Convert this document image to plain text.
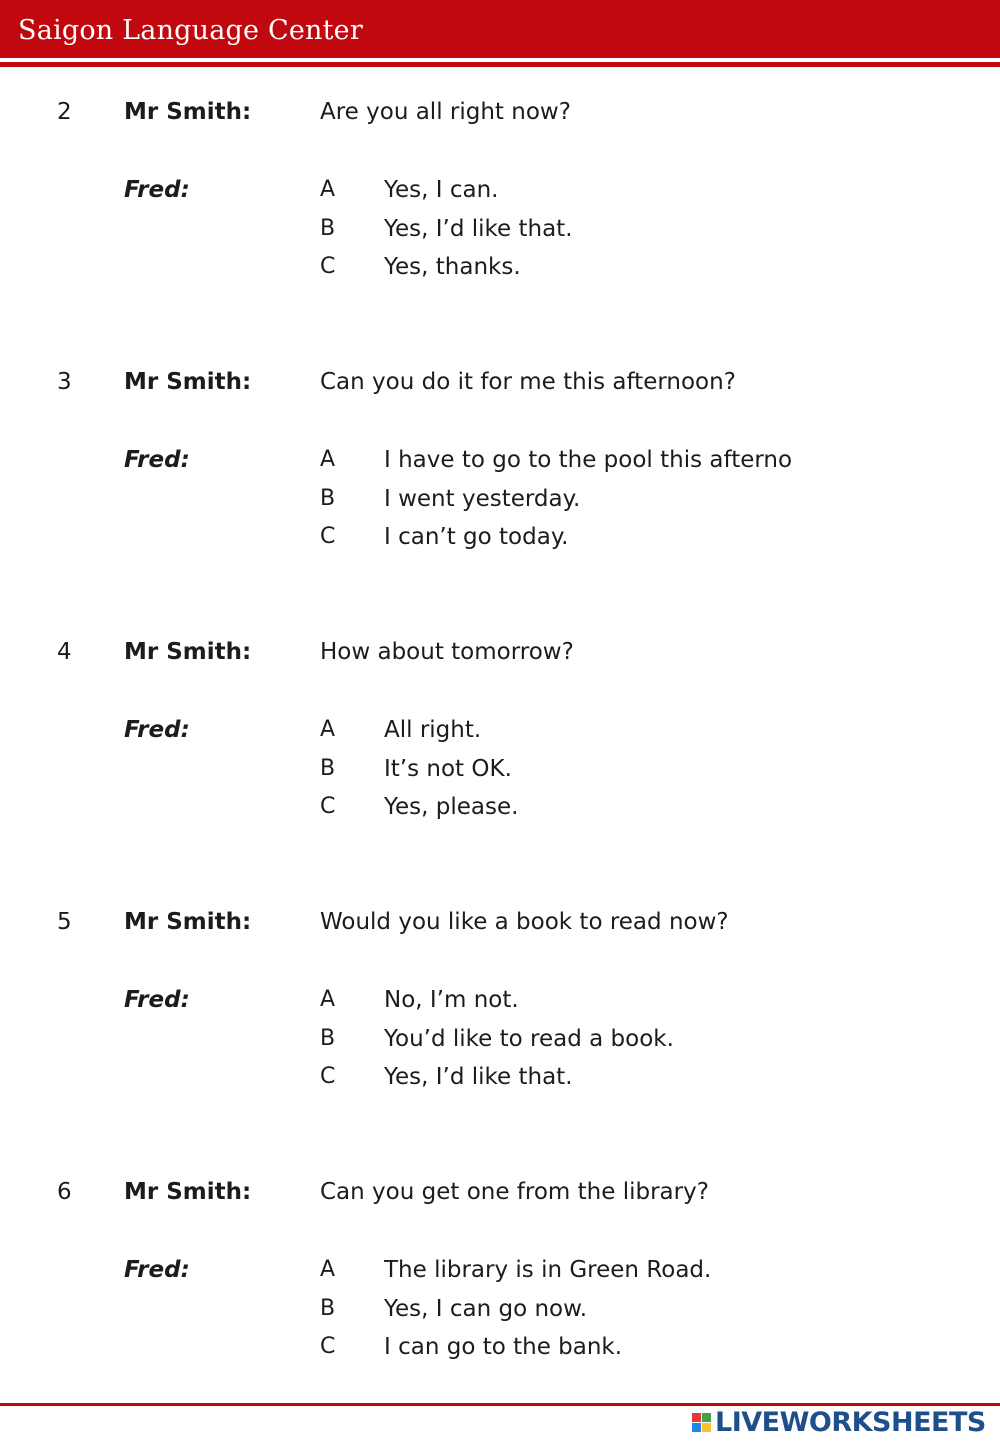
Saigon Language Center
2 Mr Smith:	Are you all right now?
Fred:	A Yes, I can.
B Yes, I’d like that.
C Yes, thanks.
3 Mr Smith:	Can you do it for me this afternoon?
Fred:	A I have to go to the pool this afterno
B I went yesterday.
C I can’t go today.
4 Mr Smith:	How about tomorrow?
Fred:	A All right.
B It’s not OK.
C Yes, please.
5 Mr Smith:	Would you like a book to read now?
Fred:	A No, I’m not.
B You’d like to read a book.
C Yes, I’d like that.
6 Mr Smith:	Can you get one from the library?
Fred:	A The library is in Green Road.
B Yes, I can go now.
C I can go to the bank.
LIVEWORKSHEETS
